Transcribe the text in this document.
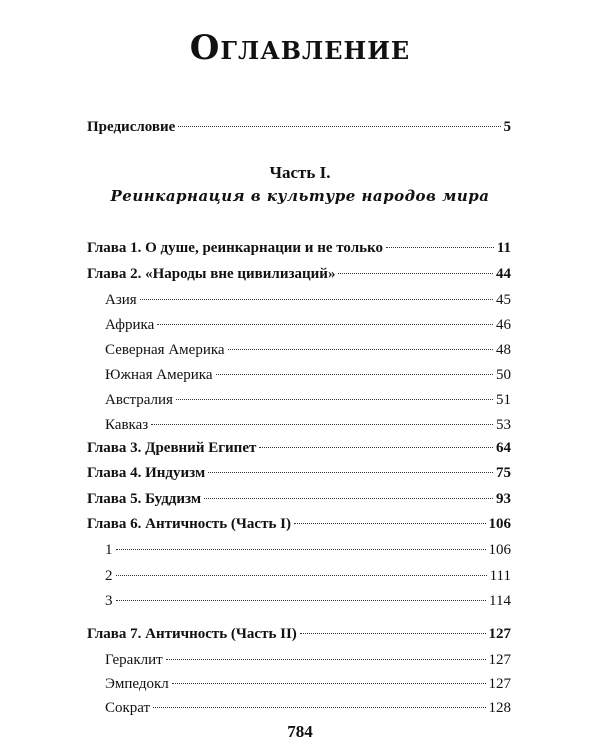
Оглавление
Предисловие	5
Часть I.
Реинкарнация в культуре народов мира
Глава 1. О душе, реинкарнации и не только	11
Глава 2. «Народы вне цивилизаций»	44
Азия	45
Африка	46
Северная Америка	48
Южная Америка	50
Австралия	51
Кавказ	53
Глава 3. Древний Египет	64
Глава 4. Индуизм	75
Глава 5. Буддизм	93
Глава 6. Античность (Часть I)	106
1	106
2	111
3	114
Глава 7. Античность (Часть II)	127
Гераклит	127
Эмпедокл	127
Сократ	128
784
